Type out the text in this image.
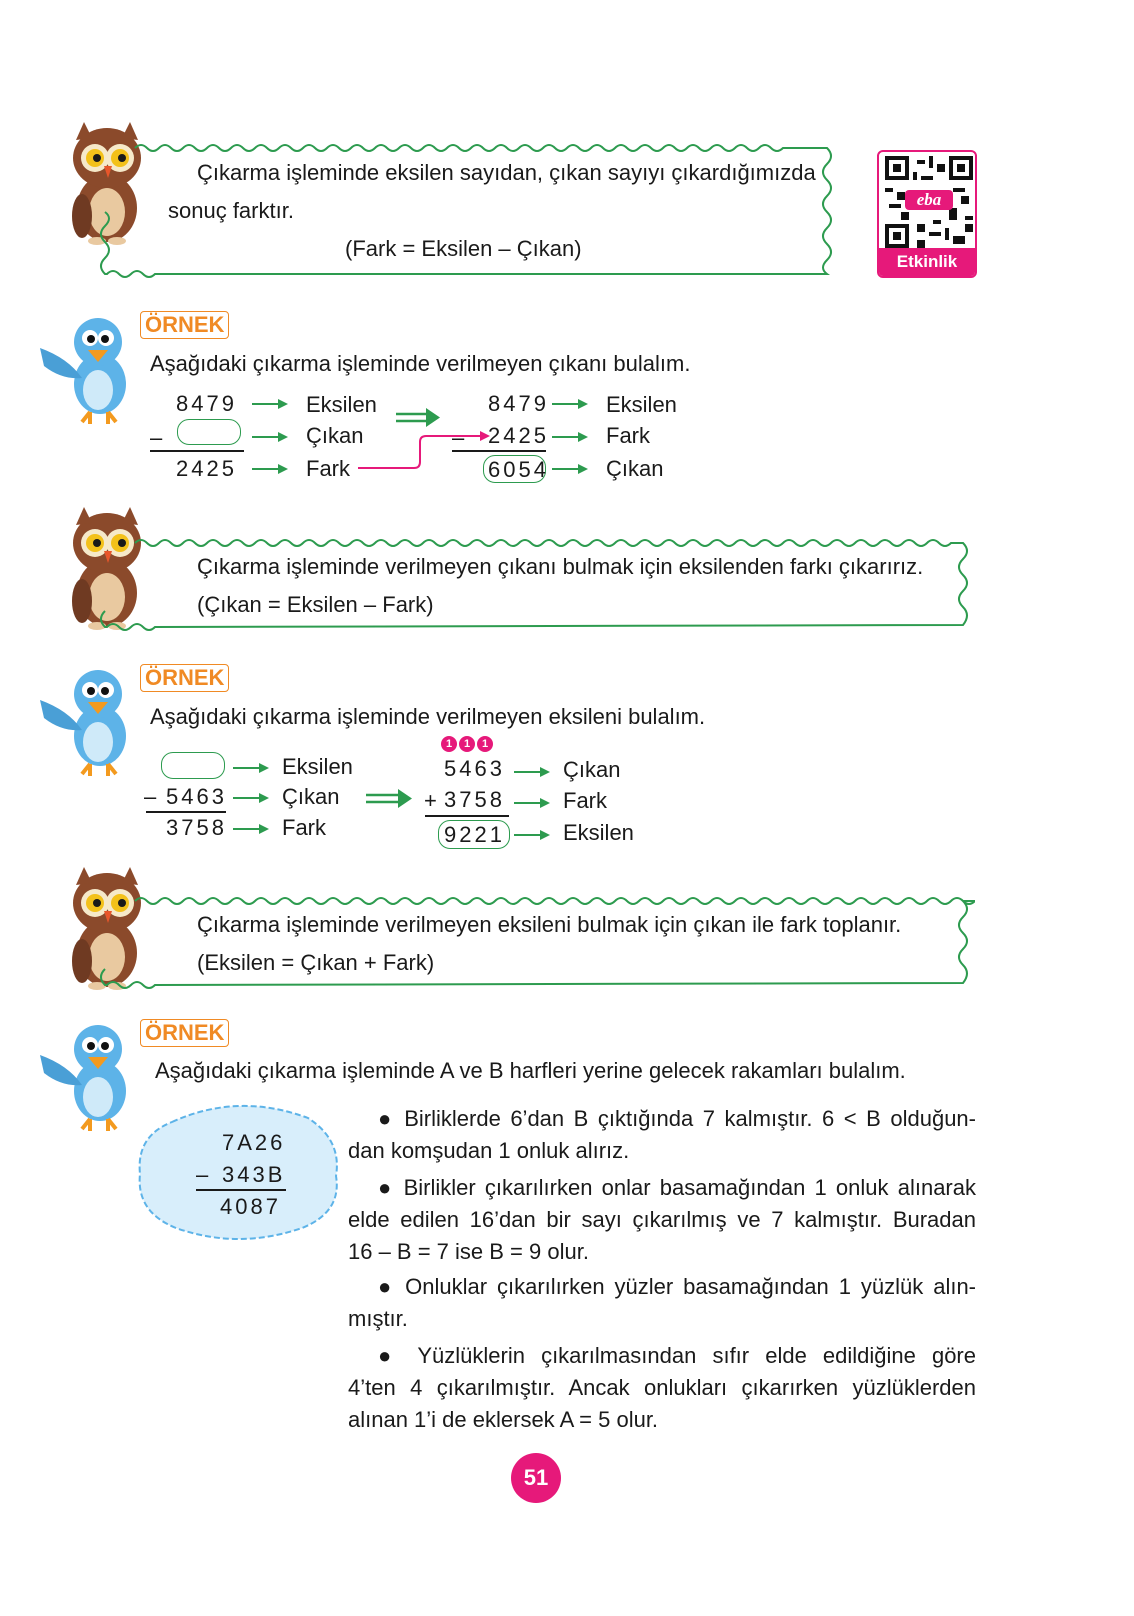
Çıkarma işleminde eksilen sayıdan, çıkan sayıyı çıkardığımızda
sonuç farktır.
(Fark = Eksilen – Çıkan)
eba
Etkinlik
ÖRNEK
Aşağıdaki çıkarma işleminde verilmeyen çıkanı bulalım.
8479
–
2425
Eksilen
Çıkan
Fark
8479
– 2425
6054
Eksilen
Fark
Çıkan
Çıkarma işleminde verilmeyen çıkanı bulmak için eksilenden farkı çıkarırız.
(Çıkan = Eksilen – Fark)
ÖRNEK
Aşağıdaki çıkarma işleminde verilmeyen eksileni bulalım.
– 5463
3758
Eksilen
Çıkan
Fark
1	1	1
5463
+ 3758
9221
Çıkan
Fark
Eksilen
Çıkarma işleminde verilmeyen eksileni bulmak için çıkan ile fark toplanır.
(Eksilen = Çıkan + Fark)
ÖRNEK
Aşağıdaki çıkarma işleminde A ve B harfleri yerine gelecek rakamları bulalım.
7A26
– 343B
4087
● Birliklerde 6’dan B çıktığında 7 kalmıştır. 6 < B olduğun-
dan komşudan 1 onluk alırız.
● Birlikler çıkarılırken onlar basamağından 1 onluk alınarak
elde edilen 16’dan bir sayı çıkarılmış ve 7 kalmıştır. Buradan
16 – B = 7 ise B = 9 olur.
● Onluklar çıkarılırken yüzler basamağından 1 yüzlük alın-
mıştır.
● Yüzlüklerin çıkarılmasından sıfır elde edildiğine göre
4’ten 4 çıkarılmıştır. Ancak onlukları çıkarırken yüzlüklerden
alınan 1’i de eklersek A = 5 olur.
51
